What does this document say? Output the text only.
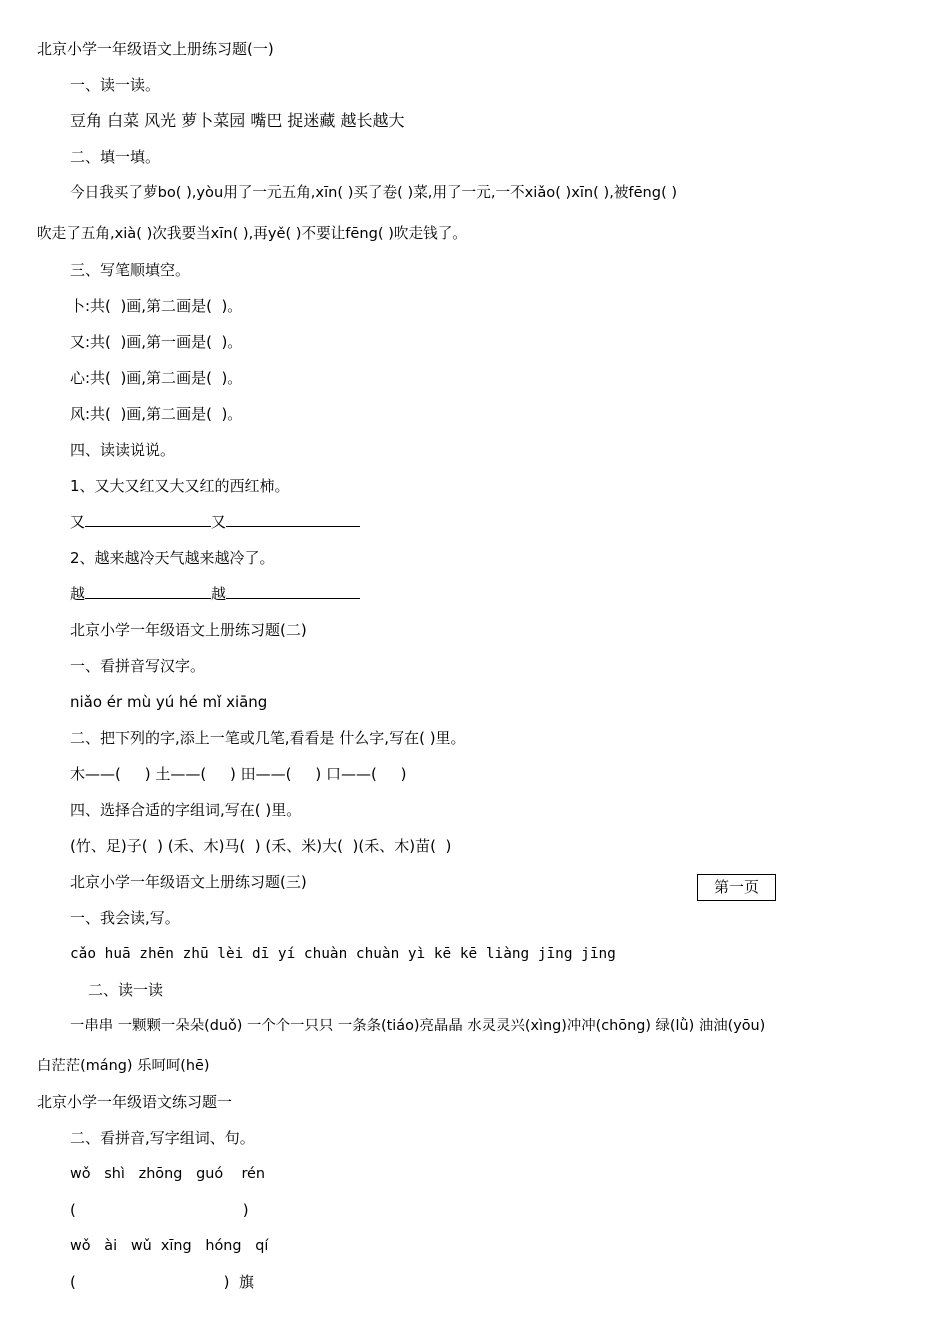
北京小学一年级语文上册练习题(一)

一、读一读。

豆角 白菜 风光 萝卜菜园 嘴巴 捉迷藏 越长越大

二、填一填。

今日我买了萝bo( ),yòu用了一元五角,xīn( )买了卷( )菜,用了一元,一不xiǎo( )xīn( ),被fēng( )

吹走了五角,xià( )次我要当xīn( ),再yě( )不要让fēng( )吹走钱了。

三、写笔顺填空。

卜:共(  )画,第二画是(  )。

又:共(  )画,第一画是(  )。

心:共(  )画,第二画是(  )。

风:共(  )画,第二画是(  )。

四、读读说说。

1、又大又红又大又红的西红柿。

又	又

2、越来越冷天气越来越冷了。

越	越

北京小学一年级语文上册练习题(二)

一、看拼音写汉字。

niǎo ér mù yú hé mǐ xiāng

二、把下列的字,添上一笔或几笔,看看是 什么字,写在( )里。

木——(     ) 土——(     ) 田——(     ) 口——(     )

四、选择合适的字组词,写在( )里。

(竹、足)子(  ) (禾、木)马(  ) (禾、米)大(  )(禾、木)苗(  )

北京小学一年级语文上册练习题(三)	第一页

一、我会读,写。

cǎo huā zhēn zhū lèi dī yí chuàn chuàn yì kē kē liàng jīng jīng

二、读一读

一串串 一颗颗一朵朵(duǒ) 一个个一只只 一条条(tiáo)亮晶晶 水灵灵兴(xìng)冲冲(chōng) 绿(lǜ) 油油(yōu)

白茫茫(máng) 乐呵呵(hē)

北京小学一年级语文练习题一

二、看拼音,写字组词、句。

wǒ   shì   zhōng   guó    rén

(                                   )

wǒ   ài   wǔ  xīng   hóng   qí

(                               )  旗
